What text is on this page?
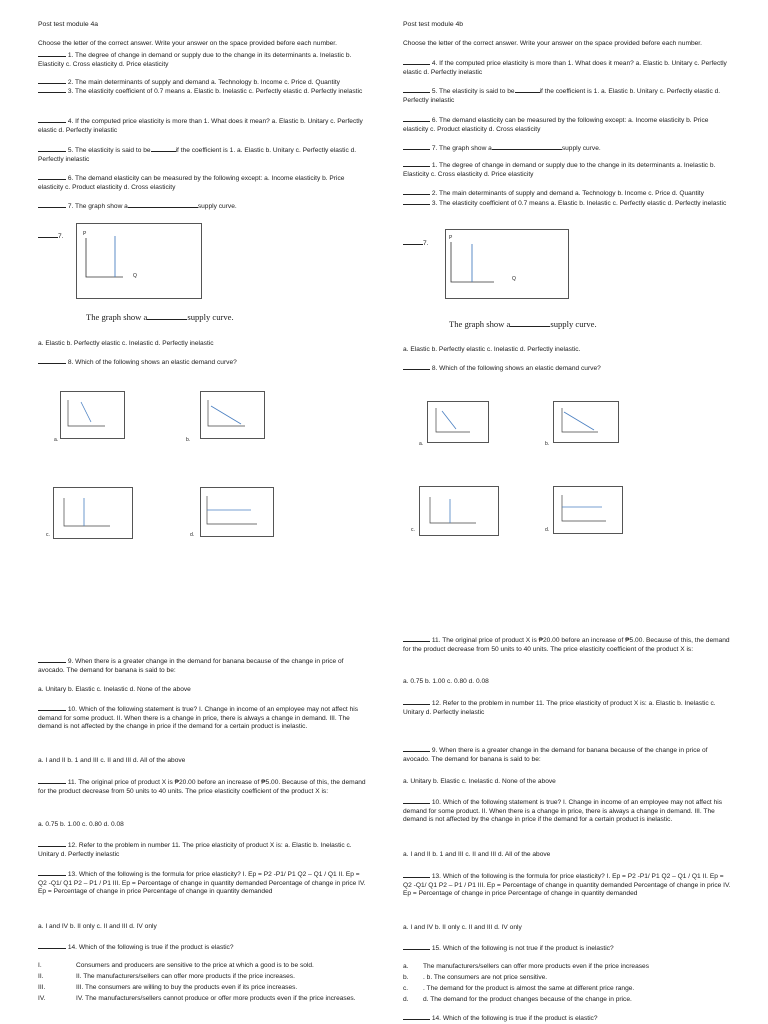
Post test module 4a
Choose the letter of the correct answer. Write your answer on the space provided before each number.
1. The degree of change in demand or supply due to the change in its determinants a. Inelastic b. Elasticity c. Cross elasticity d. Price elasticity
2. The main determinants of supply and demand a. Technology b. Income c. Price d. Quantity
3. The elasticity coefficient of 0.7 means a. Elastic b. Inelastic c. Perfectly elastic d. Perfectly inelastic
4. If the computed price elasticity is more than 1. What does it mean? a. Elastic b. Unitary c. Perfectly elastic d. Perfectly inelastic
5. The elasticity is said to be	if the coefficient is 1. a. Elastic b. Unitary c. Perfectly elastic d. Perfectly inelastic
6. The demand elasticity can be measured by the following except: a. Income elasticity b. Price elasticity c. Product elasticity d. Cross elasticity
7. The graph show a	supply curve.
7.	P
Q
The graph show a	supply curve.
a. Elastic b. Perfectly elastic c. Inelastic d. Perfectly inelastic
8. Which of the following shows an elastic demand curve?
a.	b.
c.	d.
9. When there is a greater change in the demand for banana because of the change in price of avocado. The demand for banana is said to be:
a. Unitary b. Elastic c. Inelastic d. None of the above
10. Which of the following statement is true? I. Change in income of an employee may not affect his demand for some product. II. When there is a change in price, there is always a change in demand. III. The demand is not affected by the change in price if the demand for a certain product is inelastic.
a. I and II b. 1 and III c. II and III d. All of the above
11. The original price of product X is ₱20.00 before an increase of ₱5.00. Because of this, the demand for the product decrease from 50 units to 40 units. The price elasticity coefficient of the product X is:
a. 0.75 b. 1.00 c. 0.80 d. 0.08
12. Refer to the problem in number 11. The price elasticity of product X is: a. Elastic b. Inelastic c. Unitary d. Perfectly inelastic
13. Which of the following is the formula for price elasticity? I. Ep = P2 -P1/ P1 Q2 – Q1 / Q1 II. Ep = Q2 -Q1/ Q1 P2 – P1 / P1 III. Ep = Percentage of change in quantity demanded Percentage of change in price IV. Ep = Percentage of change in price Percentage of change in quantity demanded
a. I and IV b. II only c. II and III d. IV only
14. Which of the following is true if the product is elastic?
I.	Consumers and producers are sensitive to the price at which a good is to be sold.
II.	II. The manufacturers/sellers can offer more products if the price increases.
III.	III. The consumers are willing to buy the products even if its price increases.
IV.	IV. The manufacturers/sellers cannot produce or offer more products even if the price increases.
Post test module 4b
Choose the letter of the correct answer. Write your answer on the space provided before each number.
4. If the computed price elasticity is more than 1. What does it mean? a. Elastic b. Unitary c. Perfectly elastic d. Perfectly inelastic
5. The elasticity is said to be	if the coefficient is 1. a. Elastic b. Unitary c. Perfectly elastic d. Perfectly inelastic
6. The demand elasticity can be measured by the following except: a. Income elasticity b. Price elasticity c. Product elasticity d. Cross elasticity
7. The graph show a	supply curve.
1. The degree of change in demand or supply due to the change in its determinants a. Inelastic b. Elasticity c. Cross elasticity d. Price elasticity
2. The main determinants of supply and demand a. Technology b. Income c. Price d. Quantity
3. The elasticity coefficient of 0.7 means a. Elastic b. Inelastic c. Perfectly elastic d. Perfectly inelastic
7.
P
Q
The graph show a	supply curve.
a. Elastic b. Perfectly elastic c. Inelastic d. Perfectly inelastic.
8. Which of the following shows an elastic demand curve?
a.	b.
c.	d.
11. The original price of product X is ₱20.00 before an increase of ₱5.00. Because of this, the demand for the product decrease from 50 units to 40 units. The price elasticity coefficient of the product X is:
a. 0.75 b. 1.00 c. 0.80 d. 0.08
12. Refer to the problem in number 11. The price elasticity of product X is: a. Elastic b. Inelastic c. Unitary d. Perfectly inelastic
9. When there is a greater change in the demand for banana because of the change in price of avocado. The demand for banana is said to be:
a. Unitary b. Elastic c. Inelastic d. None of the above
10. Which of the following statement is true? I. Change in income of an employee may not affect his demand for some product. II. When there is a change in price, there is always a change in demand. III. The demand is not affected by the change in price if the demand for a certain product is inelastic.
a. I and II b. 1 and III c. II and III d. All of the above
13. Which of the following is the formula for price elasticity? I. Ep = P2 -P1/ P1 Q2 – Q1 / Q1 II. Ep = Q2 -Q1/ Q1 P2 – P1 / P1 III. Ep = Percentage of change in quantity demanded Percentage of change in price IV. Ep = Percentage of change in price Percentage of change in quantity demanded
a. I and IV b. II only c. II and III d. IV only
15. Which of the following is not true if the product is inelastic?
a. The manufacturers/sellers can offer more products even if the price increases
b. . b. The consumers are not price sensitive.
c. . The demand for the product is almost the same at different price range.
d. d. The demand for the product changes because of the change in price.
14. Which of the following is true if the product is elastic?
